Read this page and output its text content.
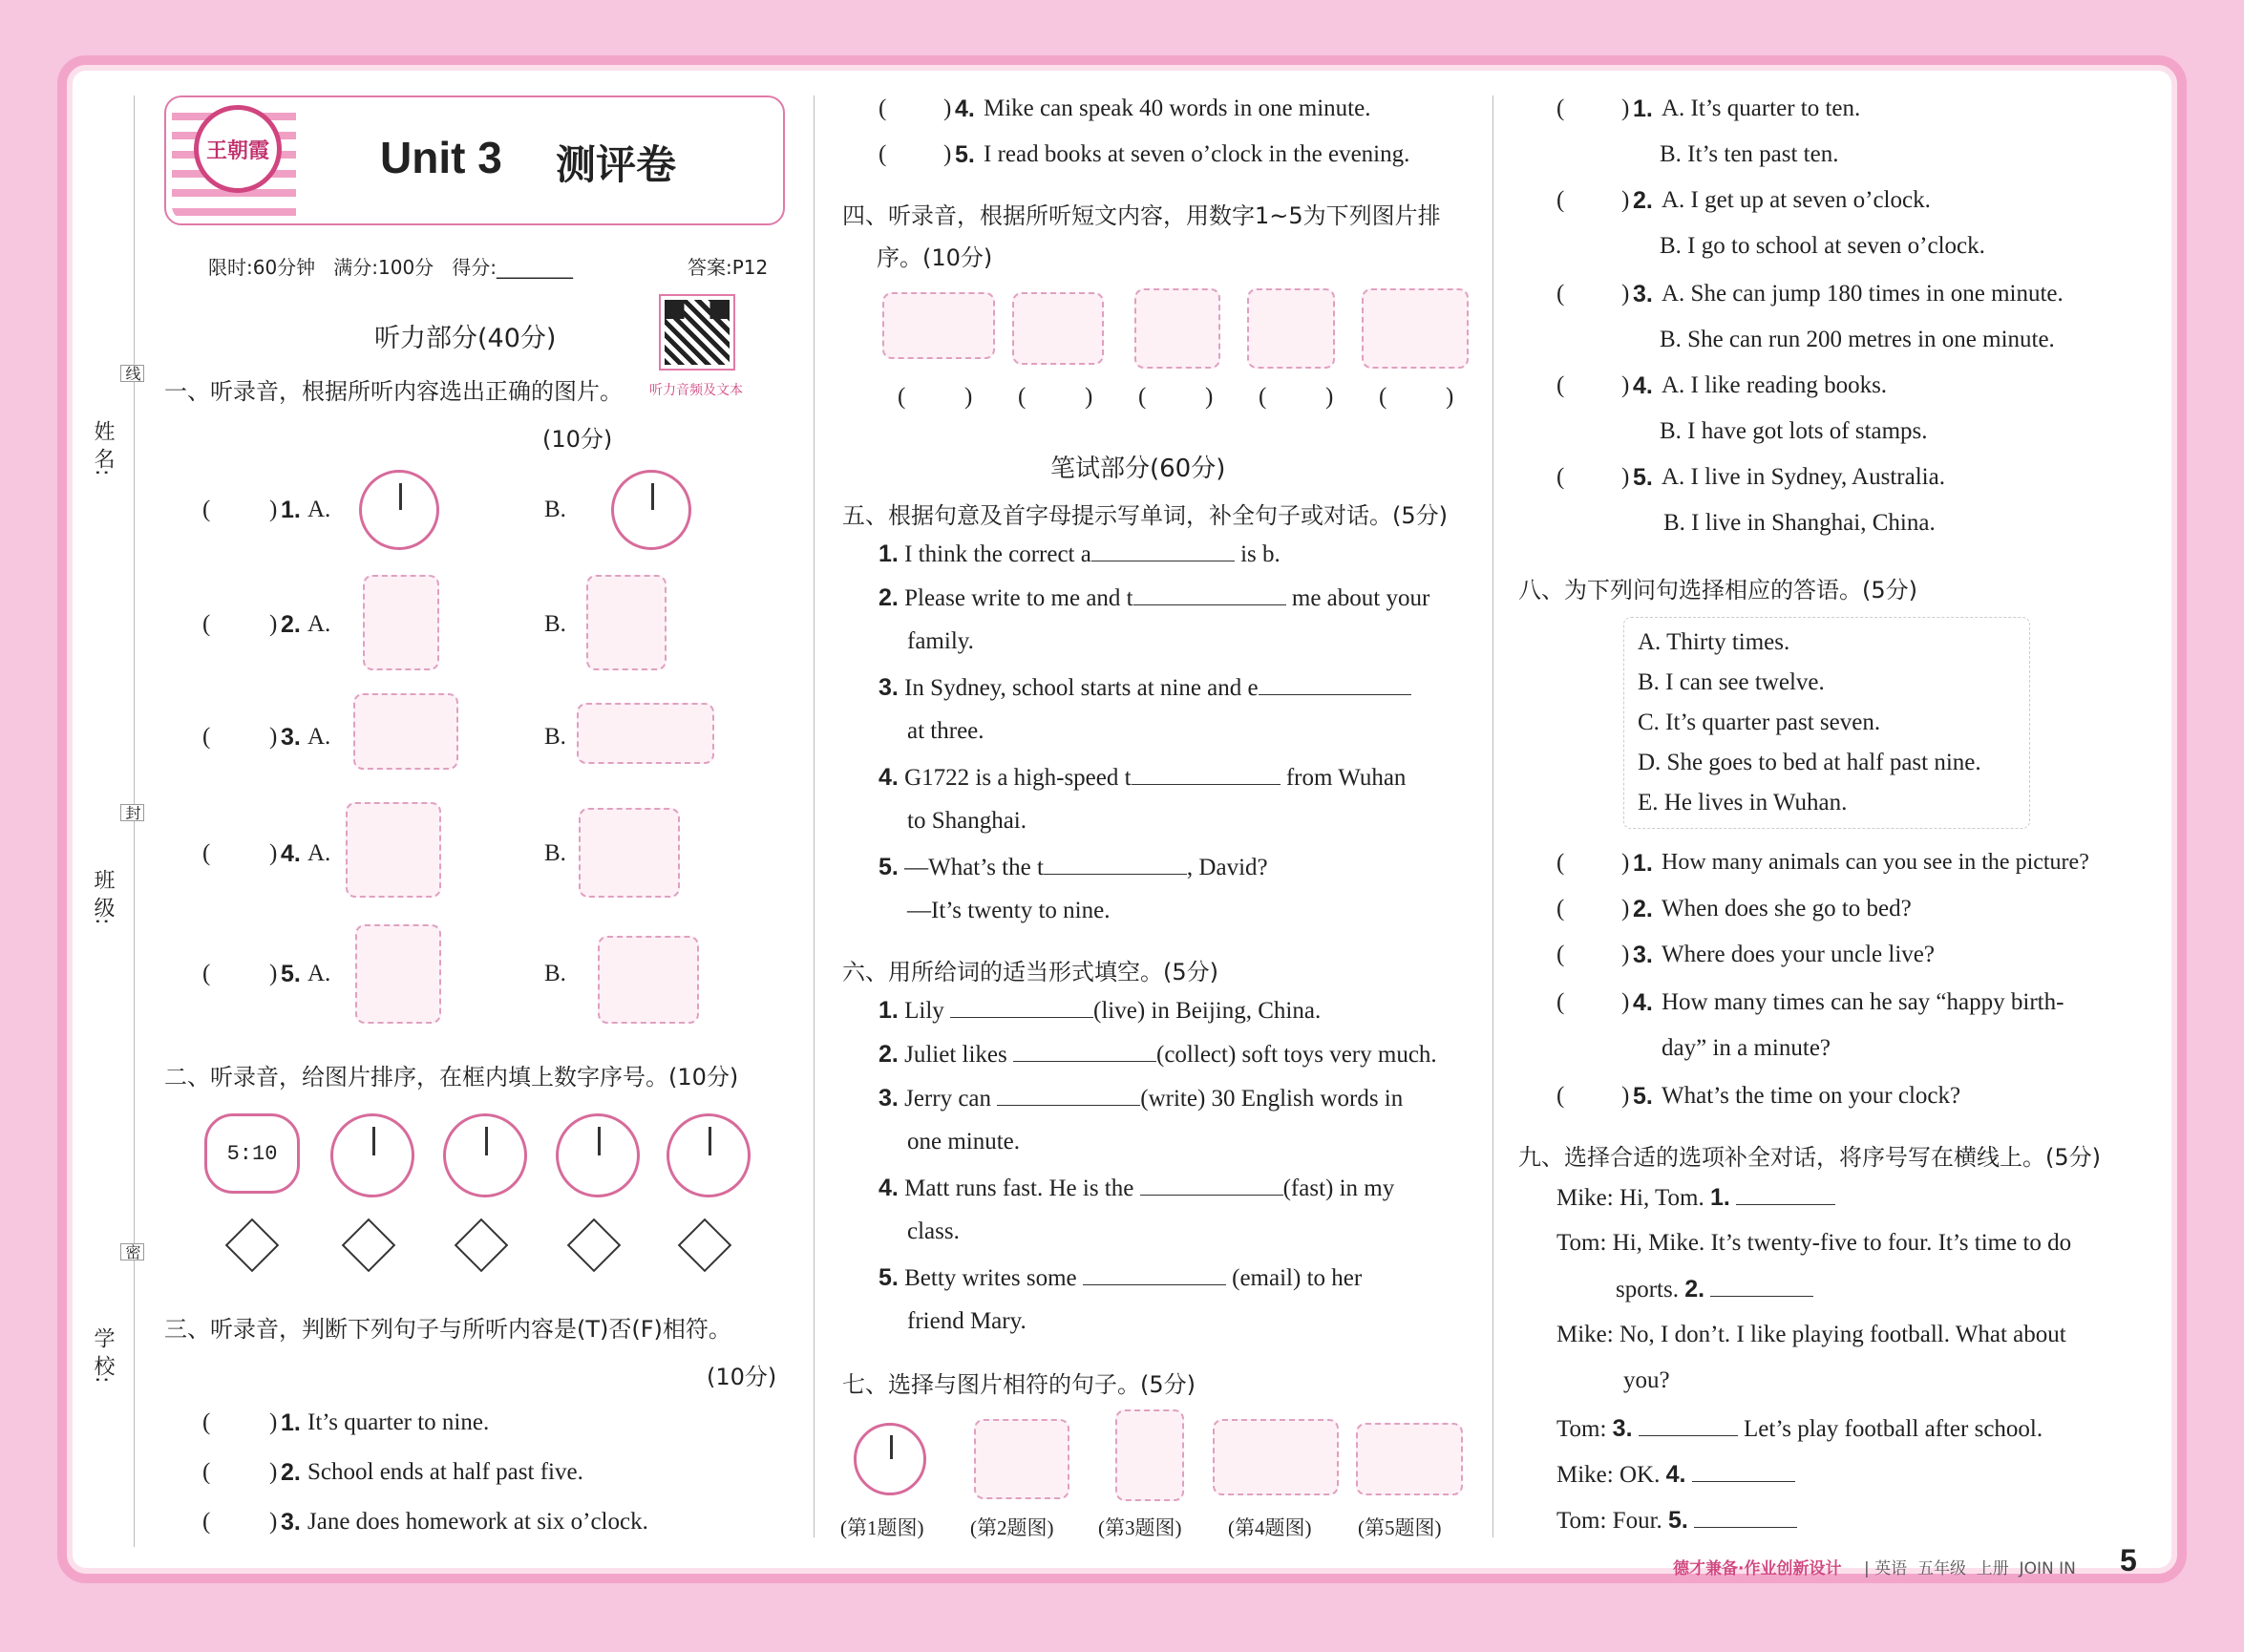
姓 名:
班 级:
学 校:
线
封
密
王朝霞	Unit 3 测评卷
限时:60分钟   满分:100分   得分:________	答案:P12
听力音频及文本
听力部分(40分)
一、听录音，根据所听内容选出正确的图片。
(10分)
( ) 1. A.	B.
( ) 2. A.	B.
( ) 3. A.	B.
( ) 4. A.	B.
( ) 5. A.	B.
二、听录音，给图片排序，在框内填上数字序号。(10分)
5:10
三、听录音，判断下列句子与所听内容是(T)否(F)相符。
(10分)
( ) 1. It’s quarter to nine.
( ) 2. School ends at half past five.
( ) 3. Jane does homework at six o’clock.
( ) 4. Mike can speak 40 words in one minute.
( ) 5. I read books at seven o’clock in the evening.
四、听录音，根据所听短文内容，用数字1~5为下列图片排
序。(10分)
( ) ( ) ( ) ( ) ( )
笔试部分(60分)
五、根据句意及首字母提示写单词，补全句子或对话。(5分)
1. I think the correct a	is b.
2. Please write to me and t	me about your
family.
3. In Sydney, school starts at nine and e
at three.
4. G1722 is a high-speed t	from Wuhan
to Shanghai.
5. —What’s the t	, David?
—It’s twenty to nine.
六、用所给词的适当形式填空。(5分)
1. Lily	(live) in Beijing, China.
2. Juliet likes	(collect) soft toys very much.
3. Jerry can	(write) 30 English words in
one minute.
4. Matt runs fast. He is the	(fast) in my
class.
5. Betty writes some	(email) to her
friend Mary.
七、选择与图片相符的句子。(5分)
(第1题图) (第2题图) (第3题图) (第4题图) (第5题图)
( ) 1. A. It’s quarter to ten.
B. It’s ten past ten.
( ) 2. A. I get up at seven o’clock.
B. I go to school at seven o’clock.
( ) 3. A. She can jump 180 times in one minute.
B. She can run 200 metres in one minute.
( ) 4. A. I like reading books.
B. I have got lots of stamps.
( ) 5. A. I live in Sydney, Australia.
B. I live in Shanghai, China.
八、为下列问句选择相应的答语。(5分)
A. Thirty times.
B. I can see twelve.
C. It’s quarter past seven.
D. She goes to bed at half past nine.
E. He lives in Wuhan.
( ) 1. How many animals can you see in the picture?
( ) 2. When does she go to bed?
( ) 3. Where does your uncle live?
( ) 4. How many times can he say “happy birth-
day” in a minute?
( ) 5. What’s the time on your clock?
九、选择合适的选项补全对话，将序号写在横线上。(5分)
Mike: Hi, Tom. 1.
Tom: Hi, Mike. It’s twenty-five to four. It’s time to do
sports. 2.
Mike: No, I don’t. I like playing football. What about
you?
Tom: 3.	Let’s play football after school.
Mike: OK. 4.
Tom: Four. 5.
德才兼备·作业创新设计 | 英语  五年级  上册  JOIN IN 5
